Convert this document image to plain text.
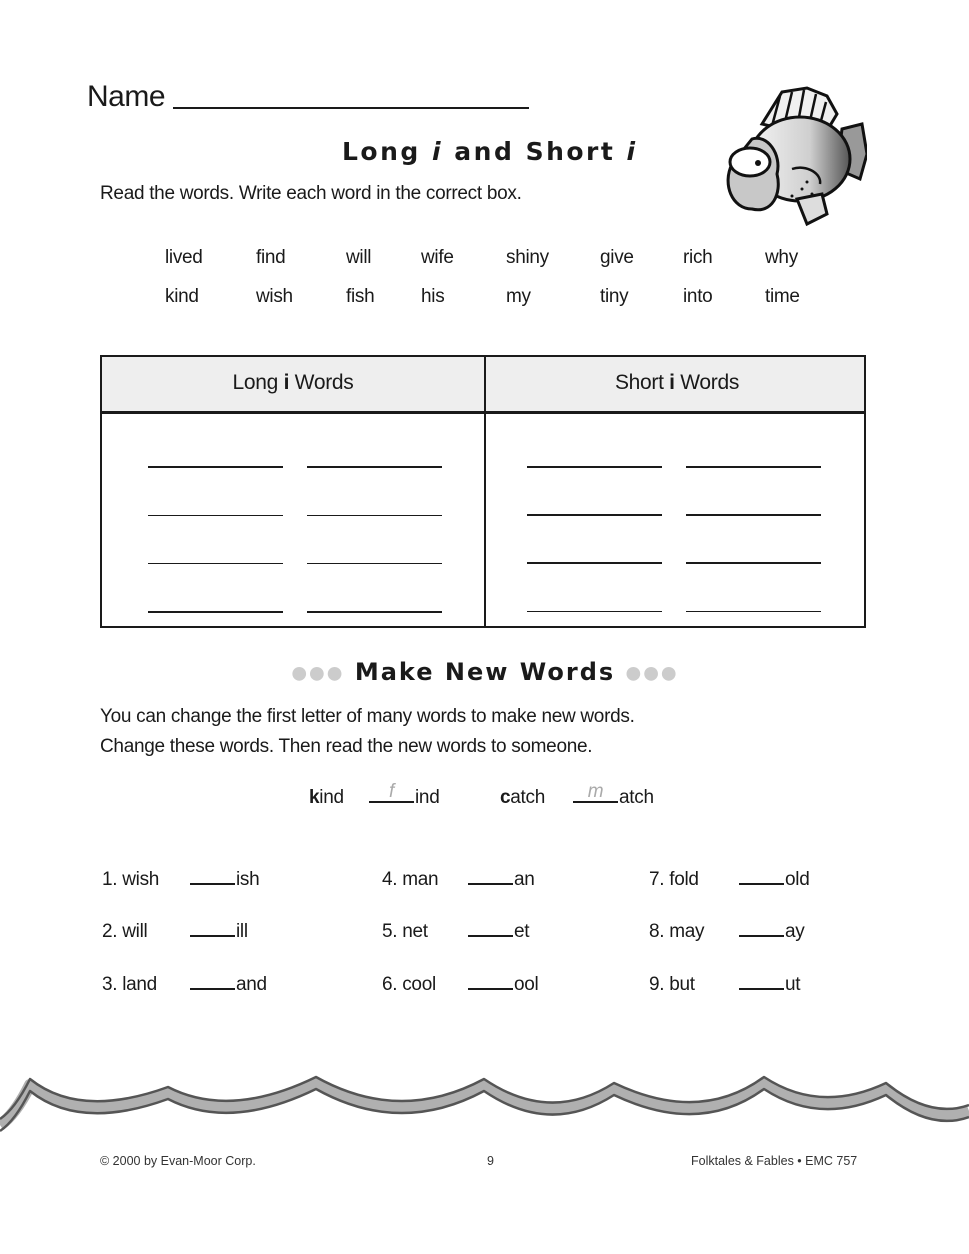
Name
Long i and Short i
Read the words. Write each word in the correct box.
lived	find	will	wife	shiny	give	rich	why
kind	wish	fish his	my	tiny	into	time
Long i Words	Short i Words
●●● Make New Words ●●●
You can change the first letter of many words to make new words.
Change these words. Then read the new words to someone.
kind	f	ind	catch	m atch
1. wish	ish
2. will	ill
3. land	and
4. man	an
5. net	et
6. cool	ool
7. fold	old
8. may	ay
9. but	ut
© 2000 by Evan-Moor Corp.	9	Folktales & Fables • EMC 757
